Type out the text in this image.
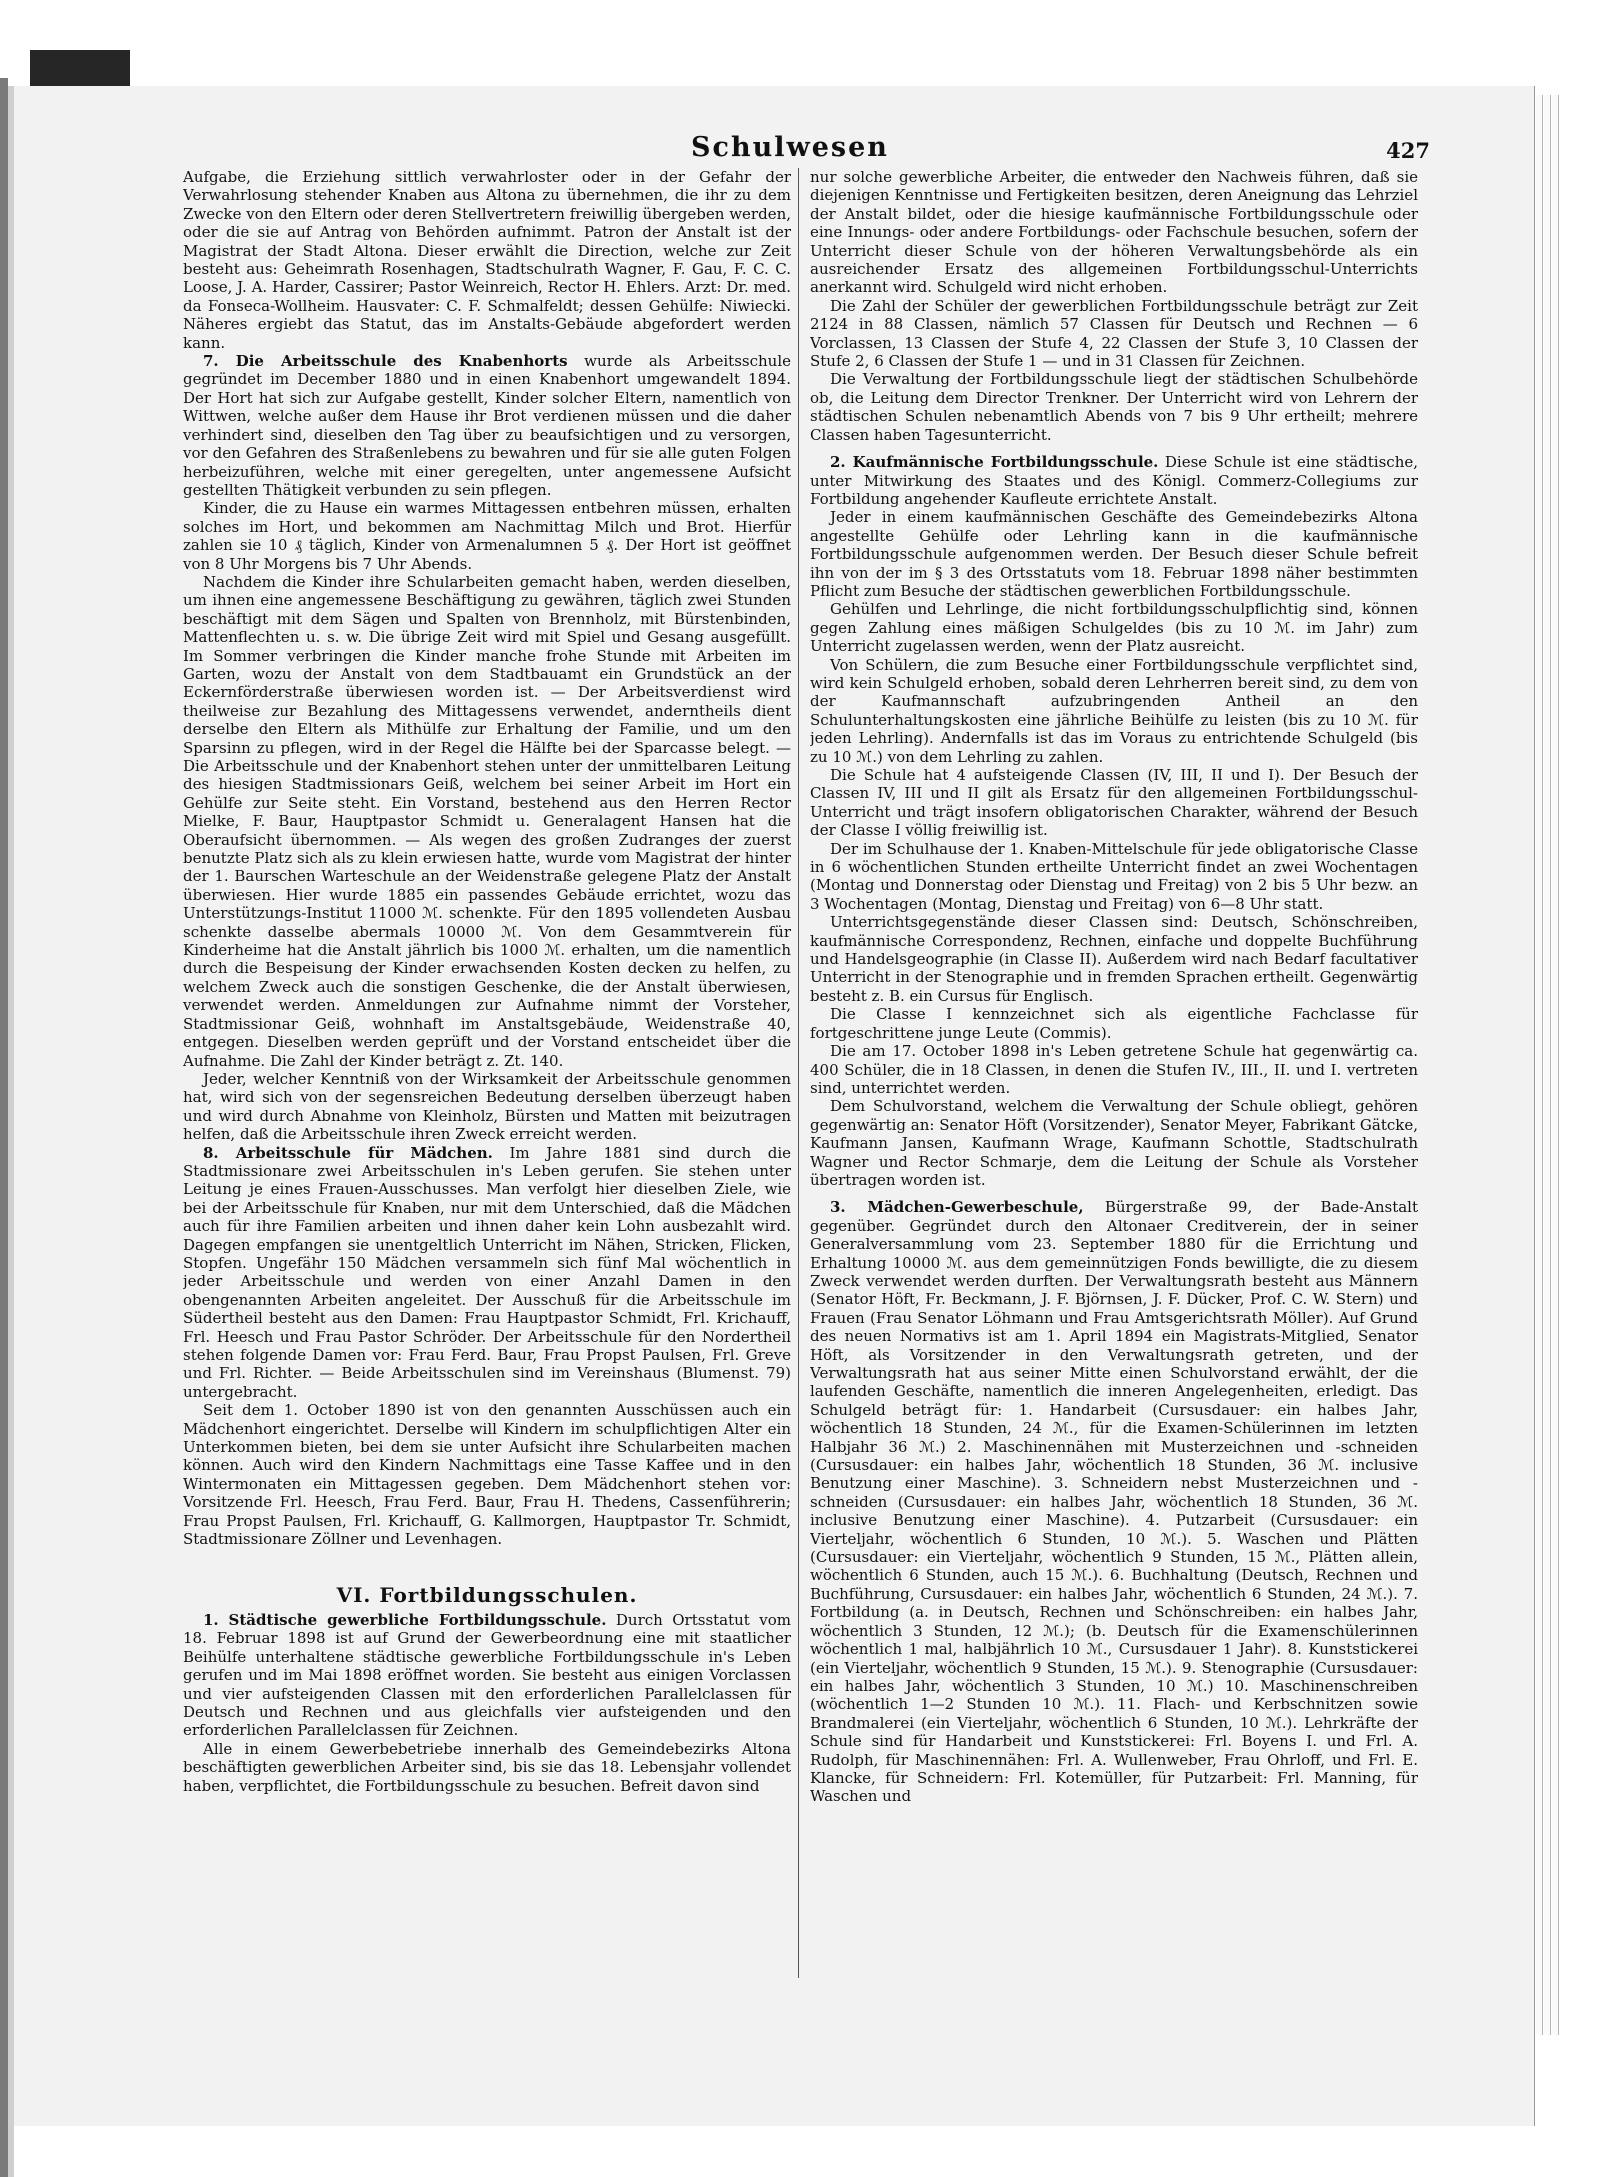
Schulwesen	427

Aufgabe, die Erziehung sittlich verwahrloster oder in der Gefahr der Verwahrlosung stehender Knaben aus Altona zu übernehmen, die ihr zu dem Zwecke von den Eltern oder deren Stellvertretern freiwillig übergeben werden, oder die sie auf Antrag von Behörden aufnimmt. Patron der Anstalt ist der Magistrat der Stadt Altona. Dieser erwählt die Direction, welche zur Zeit besteht aus: Geheimrath Rosenhagen, Stadtschulrath Wagner, F. Gau, F. C. C. Loose, J. A. Harder, Cassirer; Pastor Weinreich, Rector H. Ehlers. Arzt: Dr. med. da Fonseca-Wollheim. Hausvater: C. F. Schmalfeldt; dessen Gehülfe: Niwiecki. Näheres ergiebt das Statut, das im Anstalts-Gebäude abgefordert werden kann.

7. Die Arbeitsschule des Knabenhorts wurde als Arbeitsschule gegründet im December 1880 und in einen Knabenhort umgewandelt 1894. Der Hort hat sich zur Aufgabe gestellt, Kinder solcher Eltern, namentlich von Wittwen, welche außer dem Hause ihr Brot verdienen müssen und die daher verhindert sind, dieselben den Tag über zu beaufsichtigen und zu versorgen, vor den Gefahren des Straßenlebens zu bewahren und für sie alle guten Folgen herbeizuführen, welche mit einer geregelten, unter angemessene Aufsicht gestellten Thätigkeit verbunden zu sein pflegen.

Kinder, die zu Hause ein warmes Mittagessen entbehren müssen, erhalten solches im Hort, und bekommen am Nachmittag Milch und Brot. Hierfür zahlen sie 10 ₰ täglich, Kinder von Armenalumnen 5 ₰. Der Hort ist geöffnet von 8 Uhr Morgens bis 7 Uhr Abends.

Nachdem die Kinder ihre Schularbeiten gemacht haben, werden dieselben, um ihnen eine angemessene Beschäftigung zu gewähren, täglich zwei Stunden beschäftigt mit dem Sägen und Spalten von Brennholz, mit Bürstenbinden, Mattenflechten u. s. w. Die übrige Zeit wird mit Spiel und Gesang ausgefüllt. Im Sommer verbringen die Kinder manche frohe Stunde mit Arbeiten im Garten, wozu der Anstalt von dem Stadtbauamt ein Grundstück an der Eckernförderstraße überwiesen worden ist. — Der Arbeitsverdienst wird theilweise zur Bezahlung des Mittagessens verwendet, anderntheils dient derselbe den Eltern als Mithülfe zur Erhaltung der Familie, und um den Sparsinn zu pflegen, wird in der Regel die Hälfte bei der Sparcasse belegt. — Die Arbeitsschule und der Knabenhort stehen unter der unmittelbaren Leitung des hiesigen Stadtmissionars Geiß, welchem bei seiner Arbeit im Hort ein Gehülfe zur Seite steht. Ein Vorstand, bestehend aus den Herren Rector Mielke, F. Baur, Hauptpastor Schmidt u. Generalagent Hansen hat die Oberaufsicht übernommen. — Als wegen des großen Zudranges der zuerst benutzte Platz sich als zu klein erwiesen hatte, wurde vom Magistrat der hinter der 1. Baurschen Warteschule an der Weidenstraße gelegene Platz der Anstalt überwiesen. Hier wurde 1885 ein passendes Gebäude errichtet, wozu das Unterstützungs-Institut 11000 ℳ. schenkte. Für den 1895 vollendeten Ausbau schenkte dasselbe abermals 10000 ℳ. Von dem Gesammtverein für Kinderheime hat die Anstalt jährlich bis 1000 ℳ. erhalten, um die namentlich durch die Bespeisung der Kinder erwachsenden Kosten decken zu helfen, zu welchem Zweck auch die sonstigen Geschenke, die der Anstalt überwiesen, verwendet werden. Anmeldungen zur Aufnahme nimmt der Vorsteher, Stadtmissionar Geiß, wohnhaft im Anstaltsgebäude, Weidenstraße 40, entgegen. Dieselben werden geprüft und der Vorstand entscheidet über die Aufnahme. Die Zahl der Kinder beträgt z. Zt. 140.

Jeder, welcher Kenntniß von der Wirksamkeit der Arbeitsschule genommen hat, wird sich von der segensreichen Bedeutung derselben überzeugt haben und wird durch Abnahme von Kleinholz, Bürsten und Matten mit beizutragen helfen, daß die Arbeitsschule ihren Zweck erreicht werden.

8. Arbeitsschule für Mädchen. Im Jahre 1881 sind durch die Stadtmissionare zwei Arbeitsschulen in's Leben gerufen. Sie stehen unter Leitung je eines Frauen-Ausschusses. Man verfolgt hier dieselben Ziele, wie bei der Arbeitsschule für Knaben, nur mit dem Unterschied, daß die Mädchen auch für ihre Familien arbeiten und ihnen daher kein Lohn ausbezahlt wird. Dagegen empfangen sie unentgeltlich Unterricht im Nähen, Stricken, Flicken, Stopfen. Ungefähr 150 Mädchen versammeln sich fünf Mal wöchentlich in jeder Arbeitsschule und werden von einer Anzahl Damen in den obengenannten Arbeiten angeleitet. Der Ausschuß für die Arbeitsschule im Südertheil besteht aus den Damen: Frau Hauptpastor Schmidt, Frl. Krichauff, Frl. Heesch und Frau Pastor Schröder. Der Arbeitsschule für den Nordertheil stehen folgende Damen vor: Frau Ferd. Baur, Frau Propst Paulsen, Frl. Greve und Frl. Richter. — Beide Arbeitsschulen sind im Vereinshaus (Blumenst. 79) untergebracht.

Seit dem 1. October 1890 ist von den genannten Ausschüssen auch ein Mädchenhort eingerichtet. Derselbe will Kindern im schulpflichtigen Alter ein Unterkommen bieten, bei dem sie unter Aufsicht ihre Schularbeiten machen können. Auch wird den Kindern Nachmittags eine Tasse Kaffee und in den Wintermonaten ein Mittagessen gegeben. Dem Mädchenhort stehen vor: Vorsitzende Frl. Heesch, Frau Ferd. Baur, Frau H. Thedens, Cassenführerin; Frau Propst Paulsen, Frl. Krichauff, G. Kallmorgen, Hauptpastor Tr. Schmidt, Stadtmissionare Zöllner und Levenhagen.

VI. Fortbildungsschulen.

1. Städtische gewerbliche Fortbildungsschule. Durch Ortsstatut vom 18. Februar 1898 ist auf Grund der Gewerbeordnung eine mit staatlicher Beihülfe unterhaltene städtische gewerbliche Fortbildungsschule in's Leben gerufen und im Mai 1898 eröffnet worden. Sie besteht aus einigen Vorclassen und vier aufsteigenden Classen mit den erforderlichen Parallelclassen für Deutsch und Rechnen und aus gleichfalls vier aufsteigenden und den erforderlichen Parallelclassen für Zeichnen.

Alle in einem Gewerbebetriebe innerhalb des Gemeindebezirks Altona beschäftigten gewerblichen Arbeiter sind, bis sie das 18. Lebensjahr vollendet haben, verpflichtet, die Fortbildungsschule zu besuchen. Befreit davon sind

nur solche gewerbliche Arbeiter, die entweder den Nachweis führen, daß sie diejenigen Kenntnisse und Fertigkeiten besitzen, deren Aneignung das Lehrziel der Anstalt bildet, oder die hiesige kaufmännische Fortbildungsschule oder eine Innungs- oder andere Fortbildungs- oder Fachschule besuchen, sofern der Unterricht dieser Schule von der höheren Verwaltungsbehörde als ein ausreichender Ersatz des allgemeinen Fortbildungsschul-Unterrichts anerkannt wird. Schulgeld wird nicht erhoben.

Die Zahl der Schüler der gewerblichen Fortbildungsschule beträgt zur Zeit 2124 in 88 Classen, nämlich 57 Classen für Deutsch und Rechnen — 6 Vorclassen, 13 Classen der Stufe 4, 22 Classen der Stufe 3, 10 Classen der Stufe 2, 6 Classen der Stufe 1 — und in 31 Classen für Zeichnen.

Die Verwaltung der Fortbildungsschule liegt der städtischen Schulbehörde ob, die Leitung dem Director Trenkner. Der Unterricht wird von Lehrern der städtischen Schulen nebenamtlich Abends von 7 bis 9 Uhr ertheilt; mehrere Classen haben Tagesunterricht.

2. Kaufmännische Fortbildungsschule. Diese Schule ist eine städtische, unter Mitwirkung des Staates und des Königl. Commerz-Collegiums zur Fortbildung angehender Kaufleute errichtete Anstalt.

Jeder in einem kaufmännischen Geschäfte des Gemeindebezirks Altona angestellte Gehülfe oder Lehrling kann in die kaufmännische Fortbildungsschule aufgenommen werden. Der Besuch dieser Schule befreit ihn von der im § 3 des Ortsstatuts vom 18. Februar 1898 näher bestimmten Pflicht zum Besuche der städtischen gewerblichen Fortbildungsschule.

Gehülfen und Lehrlinge, die nicht fortbildungsschulpflichtig sind, können gegen Zahlung eines mäßigen Schulgeldes (bis zu 10 ℳ. im Jahr) zum Unterricht zugelassen werden, wenn der Platz ausreicht.

Von Schülern, die zum Besuche einer Fortbildungsschule verpflichtet sind, wird kein Schulgeld erhoben, sobald deren Lehrherren bereit sind, zu dem von der Kaufmannschaft aufzubringenden Antheil an den Schulunterhaltungskosten eine jährliche Beihülfe zu leisten (bis zu 10 ℳ. für jeden Lehrling). Andernfalls ist das im Voraus zu entrichtende Schulgeld (bis zu 10 ℳ.) von dem Lehrling zu zahlen.

Die Schule hat 4 aufsteigende Classen (IV, III, II und I). Der Besuch der Classen IV, III und II gilt als Ersatz für den allgemeinen Fortbildungsschul-Unterricht und trägt insofern obligatorischen Charakter, während der Besuch der Classe I völlig freiwillig ist.

Der im Schulhause der 1. Knaben-Mittelschule für jede obligatorische Classe in 6 wöchentlichen Stunden ertheilte Unterricht findet an zwei Wochentagen (Montag und Donnerstag oder Dienstag und Freitag) von 2 bis 5 Uhr bezw. an 3 Wochentagen (Montag, Dienstag und Freitag) von 6—8 Uhr statt.

Unterrichtsgegenstände dieser Classen sind: Deutsch, Schönschreiben, kaufmännische Correspondenz, Rechnen, einfache und doppelte Buchführung und Handelsgeographie (in Classe II). Außerdem wird nach Bedarf facultativer Unterricht in der Stenographie und in fremden Sprachen ertheilt. Gegenwärtig besteht z. B. ein Cursus für Englisch.

Die Classe I kennzeichnet sich als eigentliche Fachclasse für fortgeschrittene junge Leute (Commis).

Die am 17. October 1898 in's Leben getretene Schule hat gegenwärtig ca. 400 Schüler, die in 18 Classen, in denen die Stufen IV., III., II. und I. vertreten sind, unterrichtet werden.

Dem Schulvorstand, welchem die Verwaltung der Schule obliegt, gehören gegenwärtig an: Senator Höft (Vorsitzender), Senator Meyer, Fabrikant Gätcke, Kaufmann Jansen, Kaufmann Wrage, Kaufmann Schottle, Stadtschulrath Wagner und Rector Schmarje, dem die Leitung der Schule als Vorsteher übertragen worden ist.

3. Mädchen-Gewerbeschule, Bürgerstraße 99, der Bade-Anstalt gegenüber. Gegründet durch den Altonaer Creditverein, der in seiner Generalversammlung vom 23. September 1880 für die Errichtung und Erhaltung 10000 ℳ. aus dem gemeinnützigen Fonds bewilligte, die zu diesem Zweck verwendet werden durften. Der Verwaltungsrath besteht aus Männern (Senator Höft, Fr. Beckmann, J. F. Björnsen, J. F. Dücker, Prof. C. W. Stern) und Frauen (Frau Senator Löhmann und Frau Amtsgerichtsrath Möller). Auf Grund des neuen Normativs ist am 1. April 1894 ein Magistrats-Mitglied, Senator Höft, als Vorsitzender in den Verwaltungsrath getreten, und der Verwaltungsrath hat aus seiner Mitte einen Schulvorstand erwählt, der die laufenden Geschäfte, namentlich die inneren Angelegenheiten, erledigt. Das Schulgeld beträgt für: 1. Handarbeit (Cursusdauer: ein halbes Jahr, wöchentlich 18 Stunden, 24 ℳ., für die Examen-Schülerinnen im letzten Halbjahr 36 ℳ.) 2. Maschinennähen mit Musterzeichnen und -schneiden (Cursusdauer: ein halbes Jahr, wöchentlich 18 Stunden, 36 ℳ. inclusive Benutzung einer Maschine). 3. Schneidern nebst Musterzeichnen und -schneiden (Cursusdauer: ein halbes Jahr, wöchentlich 18 Stunden, 36 ℳ. inclusive Benutzung einer Maschine). 4. Putzarbeit (Cursusdauer: ein Vierteljahr, wöchentlich 6 Stunden, 10 ℳ.). 5. Waschen und Plätten (Cursusdauer: ein Vierteljahr, wöchentlich 9 Stunden, 15 ℳ., Plätten allein, wöchentlich 6 Stunden, auch 15 ℳ.). 6. Buchhaltung (Deutsch, Rechnen und Buchführung, Cursusdauer: ein halbes Jahr, wöchentlich 6 Stunden, 24 ℳ.). 7. Fortbildung (a. in Deutsch, Rechnen und Schönschreiben: ein halbes Jahr, wöchentlich 3 Stunden, 12 ℳ.); (b. Deutsch für die Examenschülerinnen wöchentlich 1 mal, halbjährlich 10 ℳ., Cursusdauer 1 Jahr). 8. Kunststickerei (ein Vierteljahr, wöchentlich 9 Stunden, 15 ℳ.). 9. Stenographie (Cursusdauer: ein halbes Jahr, wöchentlich 3 Stunden, 10 ℳ.) 10. Maschinenschreiben (wöchentlich 1—2 Stunden 10 ℳ.). 11. Flach- und Kerbschnitzen sowie Brandmalerei (ein Vierteljahr, wöchentlich 6 Stunden, 10 ℳ.). Lehrkräfte der Schule sind für Handarbeit und Kunststickerei: Frl. Boyens I. und Frl. A. Rudolph, für Maschinennähen: Frl. A. Wullenweber, Frau Ohrloff, und Frl. E. Klancke, für Schneidern: Frl. Kotemüller, für Putzarbeit: Frl. Manning, für Waschen und
